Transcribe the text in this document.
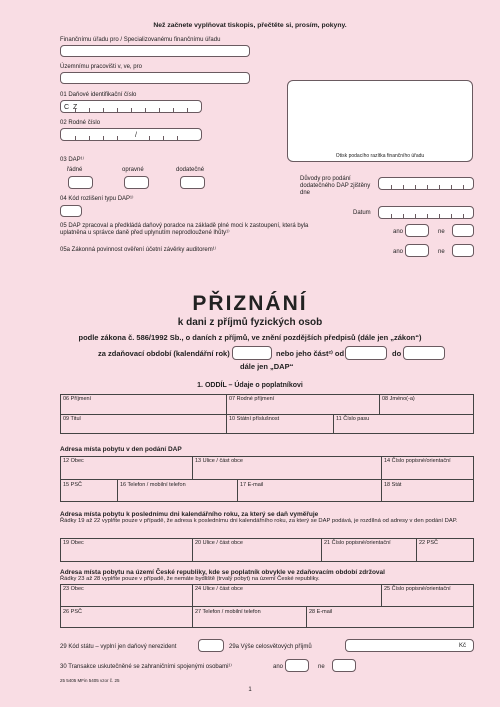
Než začnete vyplňovat tiskopis, přečtěte si, prosím, pokyny.
Finančnímu úřadu pro / Specializovanému finančnímu úřadu
Územnímu pracovišti v, ve, pro
01 Daňové identifikační číslo
C Z
02 Rodné číslo
/
Otisk podacího razítka finančního úřadu
03 DAP¹⁾
řádné	opravné	dodatečné
Důvody pro podání dodatečného DAP zjištěny dne
04 Kód rozlišení typu DAP¹⁾
Datum
05 DAP zpracoval a předkládá daňový poradce na základě plné moci k zastoupení, která byla uplatněna u správce daně před uplynutím neprodloužené lhůty¹⁾	ano	ne
05a Zákonná povinnost ověření účetní závěrky auditorem¹⁾	ano	ne
PŘIZNÁNÍ
k dani z příjmů fyzických osob
podle zákona č. 586/1992 Sb., o daních z příjmů, ve znění pozdějších předpisů (dále jen „zákon“)
za zdaňovací období (kalendářní rok)	nebo jeho část²⁾ od	do
dále jen „DAP“
1. ODDÍL – Údaje o poplatníkovi
06 Příjmení	07 Rodné příjmení	08 Jméno(-a)
09 Titul	10 Státní příslušnost	11 Číslo pasu
Adresa místa pobytu v den podání DAP
12 Obec	13 Ulice / část obce	14 Číslo popisné/orientační
15 PSČ	16 Telefon / mobilní telefon	17 E-mail	18 Stát
Adresa místa pobytu k poslednímu dni kalendářního roku, za který se daň vyměřuje
Řádky 19 až 22 vyplňte pouze v případě, že adresa k poslednímu dni kalendářního roku, za který se DAP podává, je rozdílná od adresy v den podání DAP.
19 Obec	20 Ulice / část obce	21 Číslo popisné/orientační	22 PSČ
Adresa místa pobytu na území České republiky, kde se poplatník obvykle ve zdaňovacím období zdržoval
Řádky 23 až 28 vyplňte pouze v případě, že nemáte bydliště (trvalý pobyt) na území České republiky.
23 Obec	24 Ulice / část obce	25 Číslo popisné/orientační
26 PSČ	27 Telefon / mobilní telefon	28 E-mail
29 Kód státu – vyplní jen daňový nerezident	29a Výše celosvětových příjmů	Kč
30 Transakce uskutečněné se zahraničními spojenými osobami¹⁾	ano	ne
25 5405 MFin 5405 vzor č. 25
1
